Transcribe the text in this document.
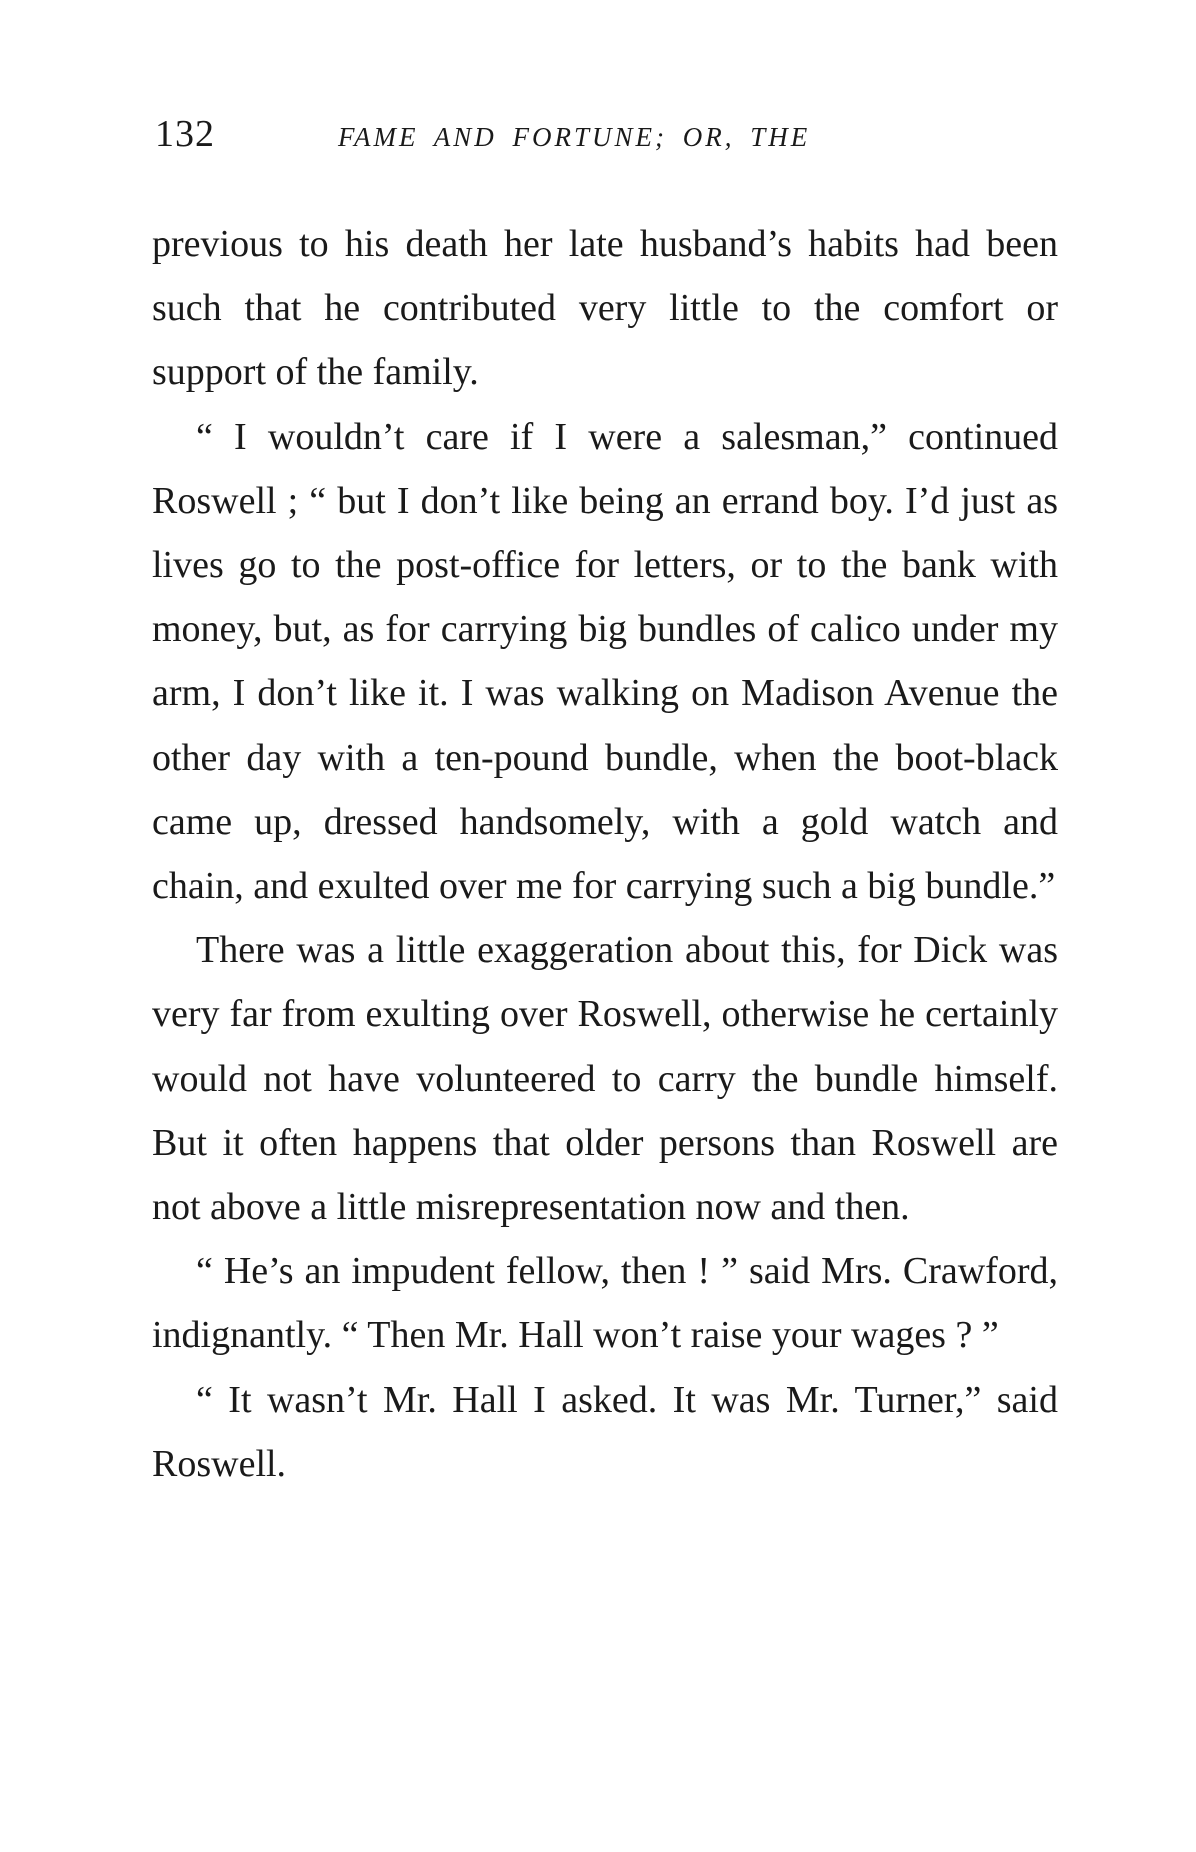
132	FAME AND FORTUNE; OR, THE

previous to his death her late husband’s habits had been such that he contributed very little to the comfort or support of the family.

“ I wouldn’t care if I were a salesman,” continued Roswell ; “ but I don’t like being an errand boy. I’d just as lives go to the post-office for letters, or to the bank with money, but, as for carrying big bundles of calico under my arm, I don’t like it. I was walking on Madison Avenue the other day with a ten-pound bundle, when the boot-black came up, dressed handsomely, with a gold watch and chain, and exulted over me for carrying such a big bundle.”

There was a little exaggeration about this, for Dick was very far from exulting over Roswell, otherwise he certainly would not have volunteered to carry the bundle himself. But it often happens that older persons than Roswell are not above a little misrepresentation now and then.

“ He’s an impudent fellow, then ! ” said Mrs. Crawford, indignantly. “ Then Mr. Hall won’t raise your wages ? ”

“ It wasn’t Mr. Hall I asked. It was Mr. Turner,” said Roswell.
